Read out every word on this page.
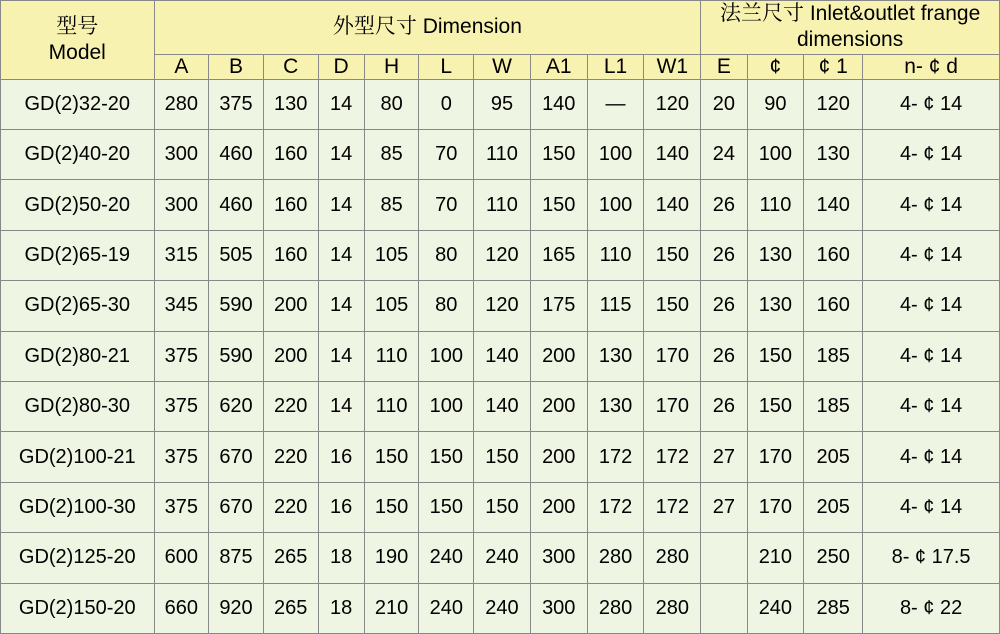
型号
Model	外型尺寸 Dimension										法兰尺寸 Inlet&outlet frange dimensions			
	A	B	C	D	H	L	W	A1	L1	W1	E	¢	¢ 1	n- ¢ d
GD(2)32-20	280	375	130	14	80	0	95	140	—	120	20	90	120	4- ¢ 14
GD(2)40-20	300	460	160	14	85	70	110	150	100	140	24	100	130	4- ¢ 14
GD(2)50-20	300	460	160	14	85	70	110	150	100	140	26	110	140	4- ¢ 14
GD(2)65-19	315	505	160	14	105	80	120	165	110	150	26	130	160	4- ¢ 14
GD(2)65-30	345	590	200	14	105	80	120	175	115	150	26	130	160	4- ¢ 14
GD(2)80-21	375	590	200	14	110	100	140	200	130	170	26	150	185	4- ¢ 14
GD(2)80-30	375	620	220	14	110	100	140	200	130	170	26	150	185	4- ¢ 14
GD(2)100-21	375	670	220	16	150	150	150	200	172	172	27	170	205	4- ¢ 14
GD(2)100-30	375	670	220	16	150	150	150	200	172	172	27	170	205	4- ¢ 14
GD(2)125-20	600	875	265	18	190	240	240	300	280	280		210	250	8- ¢ 17.5
GD(2)150-20	660	920	265	18	210	240	240	300	280	280		240	285	8- ¢ 22
